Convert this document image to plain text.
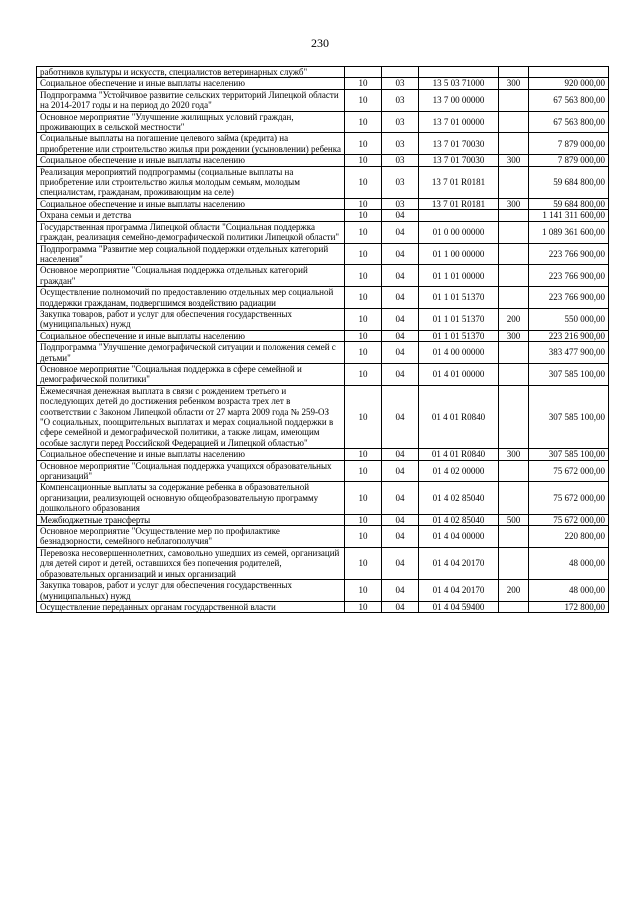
230
работников культуры и искусств, специалистов ветеринарных служб"					
Социальное обеспечение и иные выплаты населению	10	03	13 5 03 71000	300	920 000,00
Подпрограмма "Устойчивое развитие сельских территорий Липецкой области на 2014-2017 годы и на период до 2020 года"	10	03	13 7 00 00000		67 563 800,00
Основное мероприятие "Улучшение жилищных условий граждан, проживающих в сельской местности"	10	03	13 7 01 00000		67 563 800,00
Социальные выплаты на погашение целевого займа (кредита) на приобретение или строительство жилья при рождении (усыновлении) ребенка	10	03	13 7 01 70030		7 879 000,00
Социальное обеспечение и иные выплаты населению	10	03	13 7 01 70030	300	7 879 000,00
Реализация мероприятий подпрограммы (социальные выплаты на приобретение или строительство жилья молодым семьям, молодым специалистам, гражданам, проживающим на селе)	10	03	13 7 01 R0181		59 684 800,00
Социальное обеспечение и иные выплаты населению	10	03	13 7 01 R0181	300	59 684 800,00
Охрана семьи и детства	10	04			1 141 311 600,00
Государственная программа Липецкой области "Социальная поддержка граждан, реализация семейно-демографической политики Липецкой области"	10	04	01 0 00 00000		1 089 361 600,00
Подпрограмма "Развитие мер социальной поддержки отдельных категорий населения"	10	04	01 1 00 00000		223 766 900,00
Основное мероприятие "Социальная поддержка отдельных категорий граждан"	10	04	01 1 01 00000		223 766 900,00
Осуществление полномочий по предоставлению отдельных мер социальной поддержки гражданам, подвергшимся воздействию радиации	10	04	01 1 01 51370		223 766 900,00
Закупка товаров, работ и услуг для обеспечения государственных (муниципальных) нужд	10	04	01 1 01 51370	200	550 000,00
Социальное обеспечение и иные выплаты населению	10	04	01 1 01 51370	300	223 216 900,00
Подпрограмма "Улучшение демографической ситуации и положения семей с детьми"	10	04	01 4 00 00000		383 477 900,00
Основное мероприятие "Социальная поддержка в сфере семейной и демографической политики"	10	04	01 4 01 00000		307 585 100,00
Ежемесячная денежная выплата в связи с рождением третьего и последующих детей до достижения ребенком возраста трех лет в соответствии с Законом Липецкой области от 27 марта 2009 года № 259-ОЗ "О социальных, поощрительных выплатах и мерах социальной поддержки в сфере семейной и демографической политики, а также лицам, имеющим особые заслуги перед Российской Федерацией и Липецкой областью"	10	04	01 4 01 R0840		307 585 100,00
Социальное обеспечение и иные выплаты населению	10	04	01 4 01 R0840	300	307 585 100,00
Основное мероприятие "Социальная поддержка учащихся образовательных организаций"	10	04	01 4 02 00000		75 672 000,00
Компенсационные выплаты за содержание ребенка в образовательной организации, реализующей основную общеобразовательную программу дошкольного образования	10	04	01 4 02 85040		75 672 000,00
Межбюджетные трансферты	10	04	01 4 02 85040	500	75 672 000,00
Основное мероприятие "Осуществление мер по профилактике безнадзорности, семейного неблагополучия"	10	04	01 4 04 00000		220 800,00
Перевозка несовершеннолетних, самовольно ушедших из семей, организаций для детей сирот и детей, оставшихся без попечения родителей, образовательных организаций и иных организаций	10	04	01 4 04 20170		48 000,00
Закупка товаров, работ и услуг для обеспечения государственных (муниципальных) нужд	10	04	01 4 04 20170	200	48 000,00
Осуществление переданных органам государственной власти	10	04	01 4 04 59400		172 800,00
